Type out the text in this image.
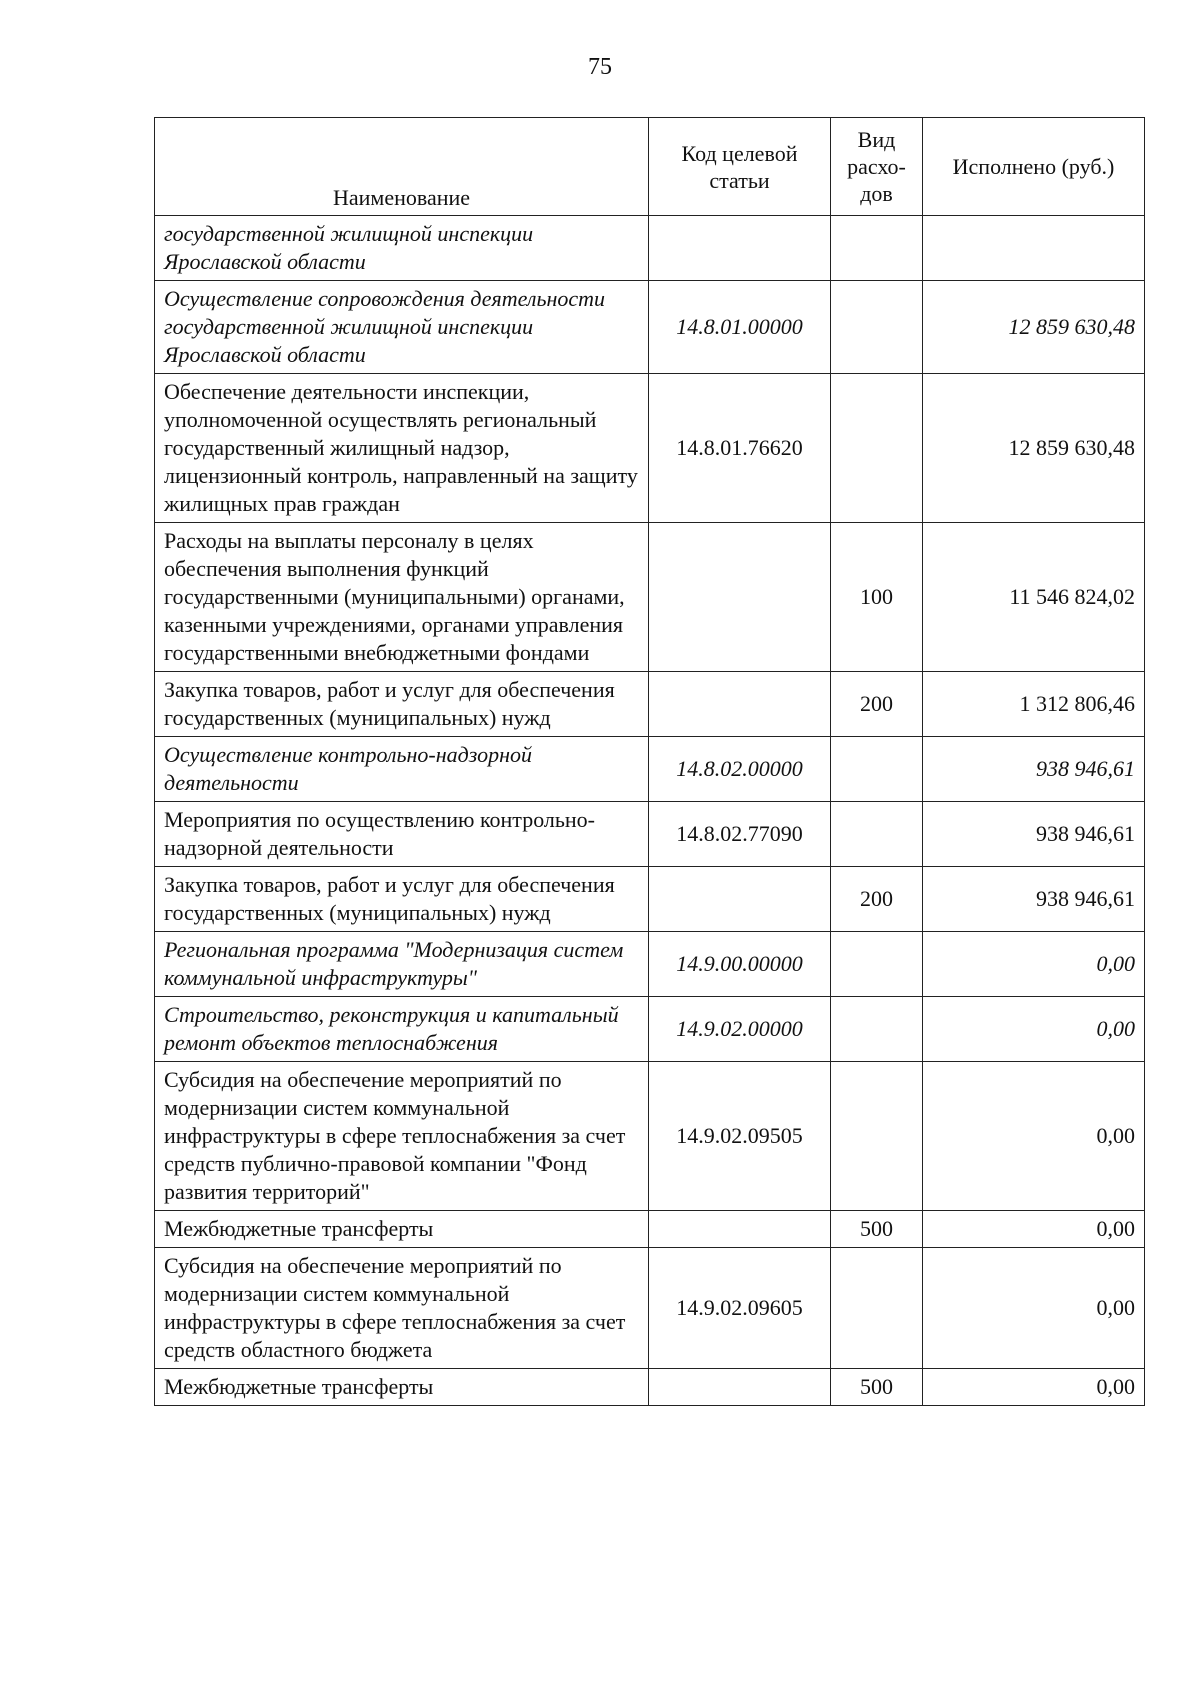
75
Наименование	Код целевой статьи	Вид расхо-дов	Исполнено (руб.)
государственной жилищной инспекции Ярославской области			
Осуществление сопровождения деятельности государственной жилищной инспекции Ярославской области	14.8.01.00000		12 859 630,48
Обеспечение деятельности инспекции, уполномоченной осуществлять региональный государственный жилищный надзор, лицензионный контроль, направленный на защиту жилищных прав граждан	14.8.01.76620		12 859 630,48
Расходы на выплаты персоналу в целях обеспечения выполнения функций государственными (муниципальными) органами, казенными учреждениями, органами управления государственными внебюджетными фондами		100	11 546 824,02
Закупка товаров, работ и услуг для обеспечения государственных (муниципальных) нужд		200	1 312 806,46
Осуществление контрольно-надзорной деятельности	14.8.02.00000		938 946,61
Мероприятия по осуществлению контрольно-надзорной деятельности	14.8.02.77090		938 946,61
Закупка товаров, работ и услуг для обеспечения государственных (муниципальных) нужд		200	938 946,61
Региональная программа "Модернизация систем коммунальной инфраструктуры"	14.9.00.00000		0,00
Строительство, реконструкция и капитальный ремонт объектов теплоснабжения	14.9.02.00000		0,00
Субсидия на обеспечение мероприятий по модернизации систем коммунальной инфраструктуры в сфере теплоснабжения за счет средств публично-правовой компании "Фонд развития территорий"	14.9.02.09505		0,00
Межбюджетные трансферты		500	0,00
Субсидия на обеспечение мероприятий по модернизации систем коммунальной инфраструктуры в сфере теплоснабжения за счет средств областного бюджета	14.9.02.09605		0,00
Межбюджетные трансферты		500	0,00
